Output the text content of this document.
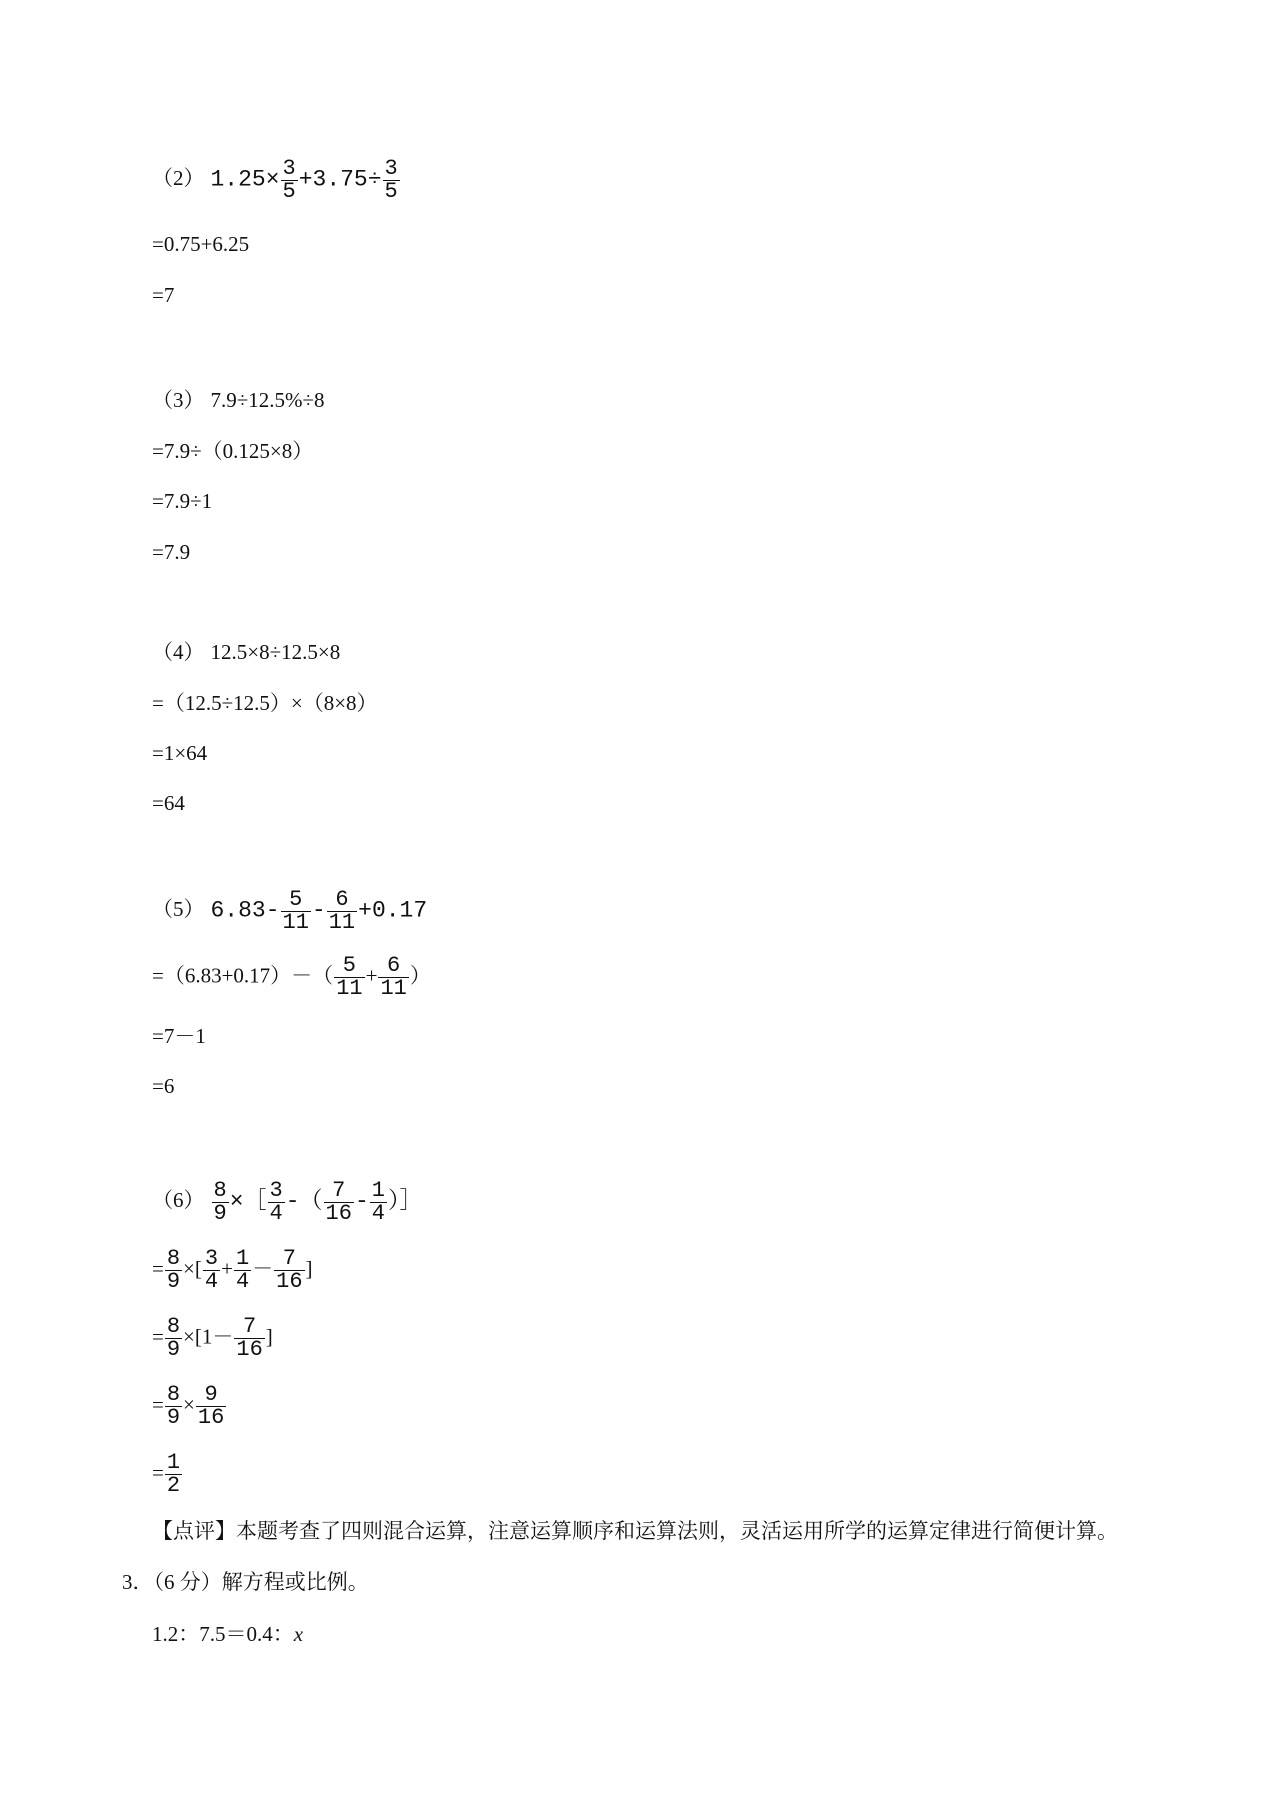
（2） $1.25\times \frac{3}{5} +3.75\div \frac{3}{5}$
=0.75+6.25
=7
（3） 7.9÷12.5%÷8
=7.9÷（0.125×8）
=7.9÷1
=7.9
（4） 12.5×8÷12.5×8
=（12.5÷12.5）×（8×8）
=1×64
=64
（5） $6.83- \frac{5}{11} - \frac{6}{11} +0.17$
$=(6.83+0.17)-( \frac{5}{11} + \frac{6}{11}$ ）
=7－1
=6
$(6) \frac{8}{9}$ ×［ $\frac{3}{4}$ -（ $\frac{7}{16} - \frac{1}{4}$ ）］
= $\frac{8}{9}$ ×[ $\frac{3}{4} + \frac{1}{4} - \frac{7}{16}$ ]
= $\frac{8}{9} \times[1- \frac{7}{16}$ ]
= $\frac{8}{9} \times \frac{9}{16}$
= $\frac{1}{2}$
【点评】本题考查了四则混合运算，注意运算顺序和运算法则，灵活运用所学的运算定律进行简便计算。
3．（6 分）解方程或比例。
1.2：7.5＝0.4：x
